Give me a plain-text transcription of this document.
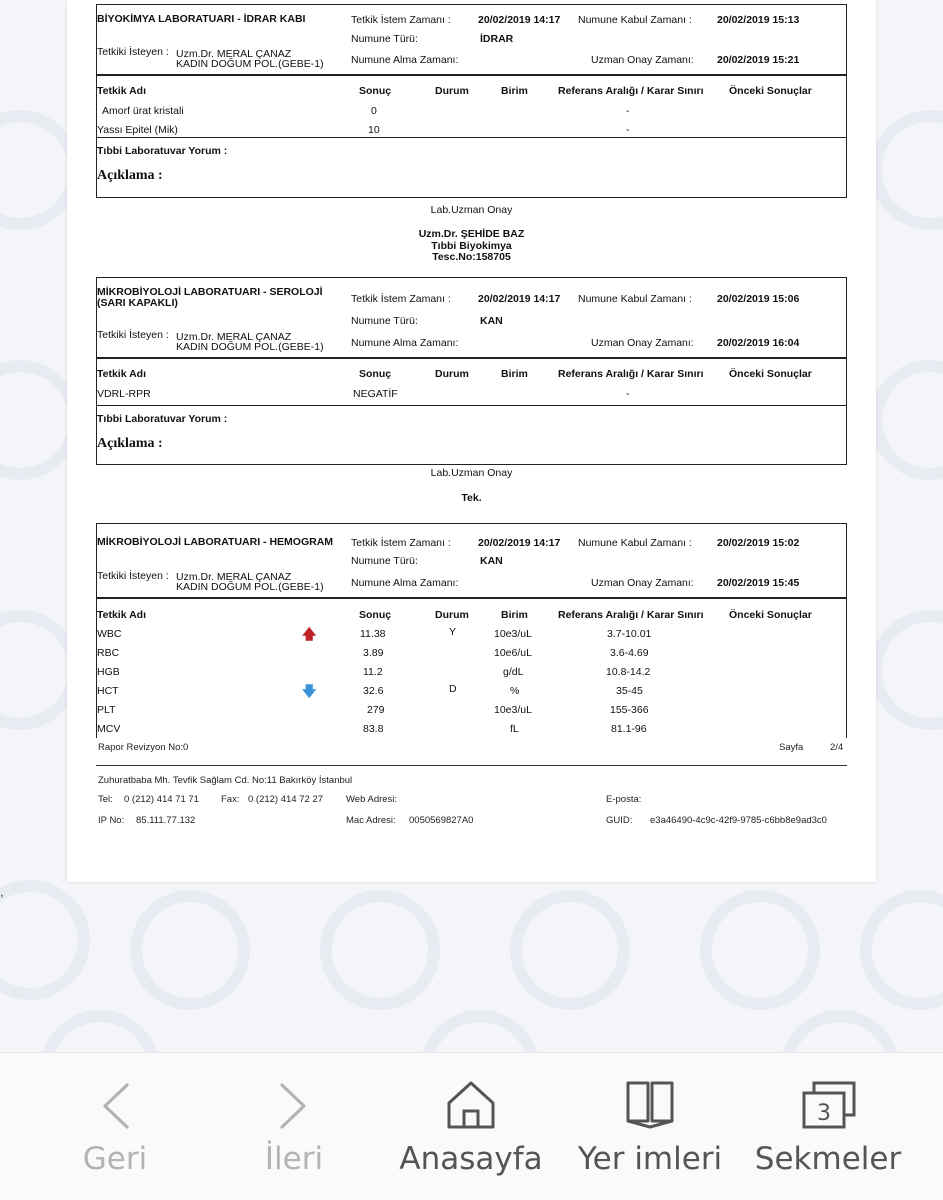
,
BİYOKİMYA LABORATUARI - İDRAR KABI	Tetkik İstem Zamanı :	20/02/2019 14:17 Numune Kabul Zamanı : 20/02/2019 15:13
Numune Türü:	İDRAR
Tetkiki İsteyen : Uzm.Dr. MERAL ÇANAZ
KADIN DOĞUM POL.(GEBE-1)	Numune Alma Zamanı:	Uzman Onay Zamanı: 20/02/2019 15:21
Tetkik Adı	Sonuç	Durum	Birim	Referans Aralığı / Karar Sınırı Önceki Sonuçlar
Amorf ürat kristali	0	-
Yassı Epitel (Mik)	10	-
Tıbbi Laboratuvar Yorum :
Açıklama :
Lab.Uzman Onay
Uzm.Dr. ŞEHİDE BAZ
Tıbbi Biyokimya
Tesc.No:158705
MİKROBİYOLOJİ LABORATUARI - SEROLOJİ (SARI KAPAKLI)	Tetkik İstem Zamanı :	20/02/2019 14:17 Numune Kabul Zamanı : 20/02/2019 15:06
Numune Türü:	KAN
Tetkiki İsteyen : Uzm.Dr. MERAL ÇANAZ
KADIN DOĞUM POL.(GEBE-1)	Numune Alma Zamanı:	Uzman Onay Zamanı: 20/02/2019 16:04
Tetkik Adı	Sonuç	Durum	Birim	Referans Aralığı / Karar Sınırı Önceki Sonuçlar
VDRL-RPR	NEGATİF	-
Tıbbi Laboratuvar Yorum :
Açıklama :
Lab.Uzman Onay
Tek.
MİKROBİYOLOJİ LABORATUARI - HEMOGRAM	Tetkik İstem Zamanı :	20/02/2019 14:17 Numune Kabul Zamanı : 20/02/2019 15:02
Numune Türü:	KAN
Tetkiki İsteyen : Uzm.Dr. MERAL ÇANAZ
KADIN DOĞUM POL.(GEBE-1)	Numune Alma Zamanı:	Uzman Onay Zamanı: 20/02/2019 15:45
Tetkik Adı	Sonuç	Durum	Birim	Referans Aralığı / Karar Sınırı Önceki Sonuçlar
WBC	🡅	11.38	Y	10e3/uL	3.7-10.01
RBC	3.89	10e6/uL	3.6-4.69
HGB	11.2	g/dL	10.8-14.2
HCT	🡇	32.6	D	%	35-45
PLT	279	10e3/uL	155-366
MCV	83.8	fL	81.1-96
Rapor Revizyon No:0	Sayfa	2/4
Zuhuratbaba Mh. Tevfik Sağlam Cd. No:11 Bakırköy İstanbul
Tel: 0 (212) 414 71 71 Fax: 0 (212) 414 72 27 Web Adresi:	E-posta:
IP No: 85.111.77.132	Mac Adresi: 0050569827A0	GUID: e3a46490-4c9c-42f9-9785-c6bb8e9ad3c0
Geri	İleri	Anasayfa	Yer imleri
3
Sekmeler
